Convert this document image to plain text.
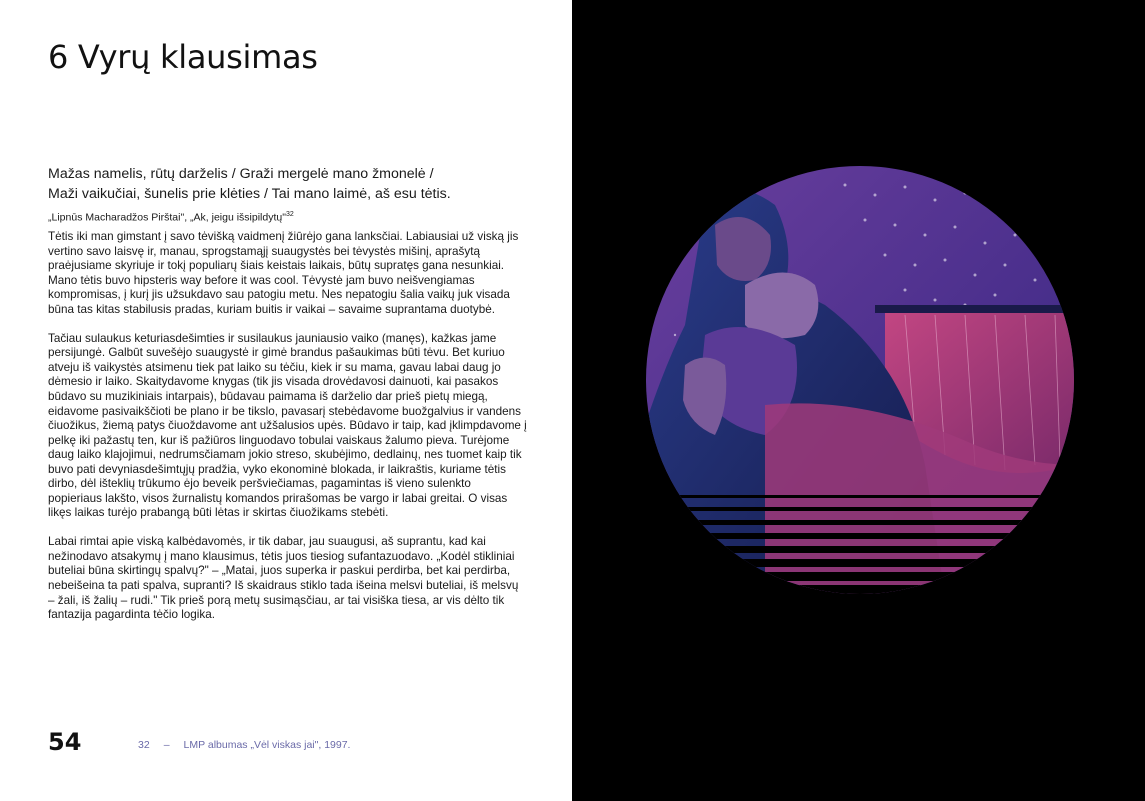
6 Vyrų klausimas
Mažas namelis, rūtų darželis / Graži mergelė mano žmonelė /
Maži vaikučiai, šunelis prie klėties / Tai mano laimė, aš esu tėtis.
„Lipnūs Macharadžos Pirštai", „Ak, jeigu išsipildytų"$^{32}$

Tėtis iki man gimstant į savo tėvišką vaidmenį žiūrėjo gana lanksčiai. Labiausiai už viską jis vertino savo laisvę ir, manau, sprogstamąjį suaugystės bei tėvystės mišinį, aprašytą praėjusiame skyriuje ir tokį populiarų šiais keistais laikais, būtų supratęs gana nesunkiai. Mano tėtis buvo hipsteris way before it was cool. Tėvystė jam buvo neišvengiamas kompromisas, į kurį jis užsukdavo sau patogiu metu. Nes nepatogiu šalia vaikų juk visada būna tas kitas stabilusis pradas, kuriam buitis ir vaikai – savaime suprantama duotybė.

Tačiau sulaukus keturiasdešimties ir susilaukus jauniausio vaiko (manęs), kažkas jame persijungė. Galbūt suvešėjo suaugystė ir gimė brandus pašaukimas būti tėvu. Bet kuriuo atveju iš vaikystės atsimenu tiek pat laiko su tėčiu, kiek ir su mama, gavau labai daug jo dėmesio ir laiko. Skaitydavome knygas (tik jis visada drovėdavosi dainuoti, kai pasakos būdavo su muzikiniais intarpais), būdavau paimama iš darželio dar prieš pietų miegą, eidavome pasivaikščioti be plano ir be tikslo, pavasarį stebėdavome buožgalvius ir vandens čiuožikus, žiemą patys čiuoždavome ant užšalusios upės. Būdavo ir taip, kad įklimpdavome į pelkę iki pažastų ten, kur iš pažiūros linguodavo tobulai vaiskaus žalumo pieva. Turėjome daug laiko klajojimui, nedrumsčiamam jokio streso, skubėjimo, dedlainų, nes tuomet kaip tik buvo pati devyniasdešimtųjų pradžia, vyko ekonominė blokada, ir laikraštis, kuriame tėtis dirbo, dėl išteklių trūkumo ėjo beveik peršviečiamas, pagamintas iš vieno sulenkto popieriaus lakšto, visos žurnalistų komandos prirašomas be vargo ir labai greitai. O visas likęs laikas turėjo prabangą būti lėtas ir skirtas čiuožikams stebėti.

Labai rimtai apie viską kalbėdavomės, ir tik dabar, jau suaugusi, aš suprantu, kad kai nežinodavo atsakymų į mano klausimus, tėtis juos tiesiog sufantazuodavo. „Kodėl stikliniai buteliai būna skirtingų spalvų?" – „Matai, juos superka ir paskui perdirba, bet kai perdirba, nebeišeina ta pati spalva, supranti? Iš skaidraus stiklo tada išeina melsvi buteliai, iš melsvų – žali, iš žalių – rudi." Tik prieš porą metų susimąsčiau, ar tai visiška tiesa, ar vis dėlto tik fantazija pagardinta tėčio logika.

54	32 – LMP albumas „Vėl viskas jai", 1997.
